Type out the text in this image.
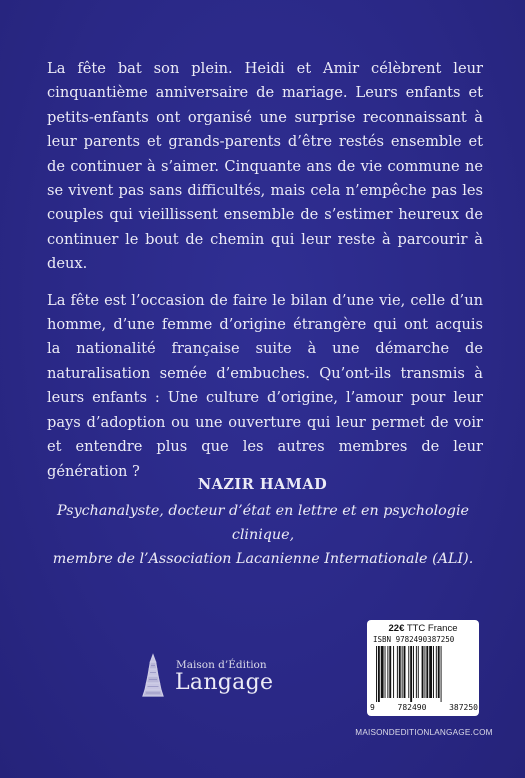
La fête bat son plein. Heidi et Amir célèbrent leur cinquantième anniversaire de mariage. Leurs enfants et petits-enfants ont organisé une surprise reconnaissant à leur parents et grands-parents d’être restés ensemble et de continuer à s’aimer. Cinquante ans de vie commune ne se vivent pas sans difficultés, mais cela n’empêche pas les couples qui vieillissent ensemble de s’estimer heureux de continuer le bout de chemin qui leur reste à parcourir à deux.

La fête est l’occasion de faire le bilan d’une vie, celle d’un homme, d’une femme d’origine étrangère qui ont acquis la nationalité française suite à une démarche de naturalisation semée d’embuches. Qu’ont-ils transmis à leurs enfants : Une culture d’origine, l’amour pour leur pays d’adoption ou une ouverture qui leur permet de voir et entendre plus que les autres membres de leur génération ?

NAZIR HAMAD
Psychanalyste, docteur d’état en lettre et en psychologie clinique,
membre de l’Association Lacanienne Internationale (ALI).
Maison d’Édition
Langage
22€ TTC France
ISBN 9782490387250
9	782490	387250
MAISONDEDITIONLANGAGE.COM
